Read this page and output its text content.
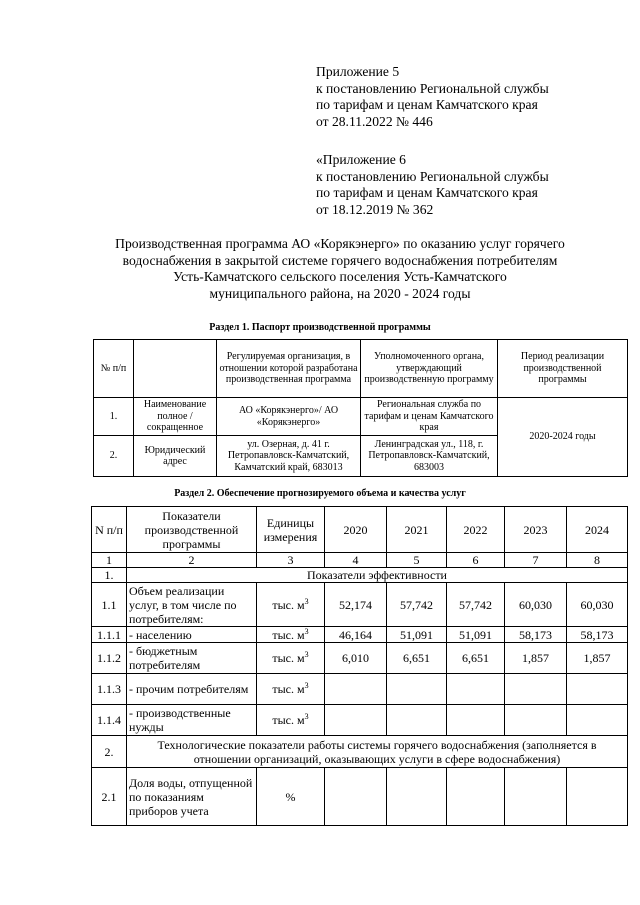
Приложение 5
к постановлению Региональной службы
по тарифам и ценам Камчатского края
от 28.11.2022 № 446
«Приложение 6
к постановлению Региональной службы
по тарифам и ценам Камчатского края
от 18.12.2019 № 362
Производственная программа АО «Корякэнерго» по оказанию услуг горячего
водоснабжения в закрытой системе горячего водоснабжения потребителям
Усть-Камчатского сельского поселения Усть-Камчатского
муниципального района, на 2020 - 2024 годы
Раздел 1. Паспорт производственной программы
№ п/п		Регулируемая организация, в отношении которой разработана производственная программа	Уполномоченного органа, утверждающий производственную программу	Период реализации производственной программы
1.	Наименование полное / сокращенное	АО «Корякэнерго»/ АО «Корякэнерго»	Региональная служба по тарифам и ценам Камчатского края	2020-2024 годы
2.	Юридический адрес	ул. Озерная, д. 41 г. Петропавловск-Камчатский, Камчатский край, 683013	Ленинградская ул., 118, г. Петропавловск-Камчатский, 683003	
Раздел 2. Обеспечение прогнозируемого объема и качества услуг
N п/п	Показатели производственной программы	Единицы измерения	2020	2021	2022	2023	2024
1	2	3	4	5	6	7	8
1.	Показатели эффективности						
1.1	Объем реализации услуг, в том числе по потребителям:	тыс. $м^3$	52,174	57,742	57,742	60,030	60,030
1.1.1	- населению	тыс. $м^3$	46,164	51,091	51,091	58,173	58,173
1.1.2	- бюджетным потребителям	тыс. $м^3$	6,010	6,651	6,651	1,857	1,857
1.1.3	- прочим потребителям	тыс. $м^3$					
1.1.4	- производственные нужды	тыс. $м^3$					
2.	Технологические показатели работы системы горячего водоснабжения (заполняется в отношении организаций, оказывающих услуги в сфере водоснабжения)						
2.1	Доля воды, отпущенной по показаниям приборов учета	%					
